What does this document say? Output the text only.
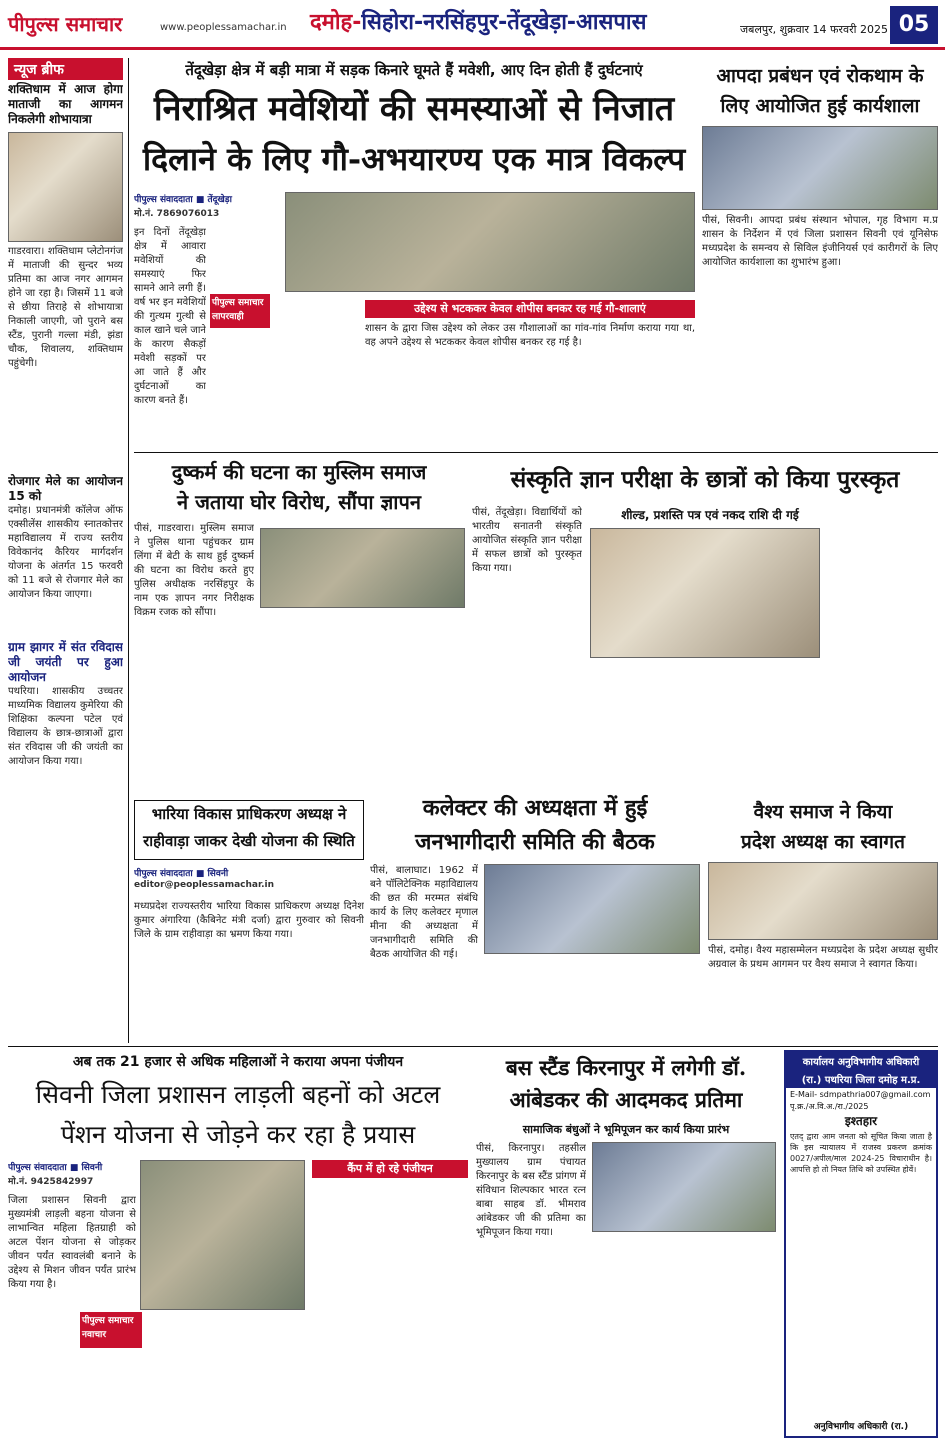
पीपुल्स समाचार	www.peoplessamachar.in दमोह-सिहोरा-नरसिंहपुर-तेंदूखेड़ा-आसपास	जबलपुर, शुक्रवार 14 फरवरी 2025 05
न्यूज ब्रीफ
शक्तिधाम में आज होगा माताजी का आगमन निकलेगी शोभायात्रा
गाडरवारा। शक्तिधाम प्लेटोनगंज में माताजी की सुन्दर भव्य प्रतिमा का आज नगर आगमन होने जा रहा है। जिसमें 11 बजे से छीया तिराहे से शोभायात्रा निकाली जाएगी, जो पुराने बस स्टैंड, पुरानी गल्ला मंडी, झंडा चौक, शिवालय, शक्तिधाम पहुंचेगी।
रोजगार मेले का आयोजन 15 को
दमोह। प्रधानमंत्री कॉलेज ऑफ एक्सीलेंस शासकीय स्नातकोत्तर महाविद्यालय में राज्य स्तरीय विवेकानंद कैरियर मार्गदर्शन योजना के अंतर्गत 15 फरवरी को 11 बजे से रोजगार मेले का आयोजन किया जाएगा।
ग्राम झागर में संत रविदास जी जयंती पर हुआ आयोजन
पथरिया। शासकीय उच्चतर माध्यमिक विद्यालय कुमेरिया की शिक्षिका कल्पना पटेल एवं विद्यालय के छात्र-छात्राओं द्वारा संत रविदास जी की जयंती का आयोजन किया गया।
तेंदूखेड़ा क्षेत्र में बड़ी मात्रा में सड़क किनारे घूमते हैं मवेशी, आए दिन होती हैं दुर्घटनाएं
निराश्रित मवेशियों की समस्याओं से निजात
दिलाने के लिए गौ-अभयारण्य एक मात्र विकल्प
पीपुल्स संवाददाता ■ तेंदूखेड़ा
मो.नं. 7869076013
पीपुल्स समाचार लापरवाही
इन दिनों तेंदूखेड़ा क्षेत्र में आवारा मवेशियों की समस्याएं फिर सामने आने लगी हैं। वर्ष भर इन मवेशियों की गुत्थम गुत्थी से काल खाने चले जाने के कारण सैकड़ों मवेशी सड़कों पर आ जाते हैं और दुर्घटनाओं का कारण बनते हैं।
उद्देश्य से भटककर केवल शोपीस बनकर रह गई गौ-शालाएं
शासन के द्वारा जिस उद्देश्य को लेकर उस गौशालाओं का गांव-गांव निर्माण कराया गया था, वह अपने उद्देश्य से भटककर केवल शोपीस बनकर रह गई है।
आपदा प्रबंधन एवं रोकथाम के
लिए आयोजित हुई कार्यशाला
पीसं, सिवनी। आपदा प्रबंध संस्थान भोपाल, गृह विभाग म.प्र शासन के निर्देशन में एवं जिला प्रशासन सिवनी एवं यूनिसेफ मध्यप्रदेश के समन्वय से सिविल इंजीनियर्स एवं कारीगरों के लिए आयोजित कार्यशाला का शुभारंभ हुआ।
दुष्कर्म की घटना का मुस्लिम समाज
ने जताया घोर विरोध, सौंपा ज्ञापन
पीसं, गाडरवारा। मुस्लिम समाज ने पुलिस थाना पहुंचकर ग्राम लिंगा में बेटी के साथ हुई दुष्कर्म की घटना का विरोध करते हुए पुलिस अधीक्षक नरसिंहपुर के नाम एक ज्ञापन नगर निरीक्षक विक्रम रजक को सौंपा।
संस्कृति ज्ञान परीक्षा के छात्रों को किया पुरस्कृत
पीसं, तेंदूखेड़ा। विद्यार्थियों को भारतीय सनातनी संस्कृति आयोजित संस्कृति ज्ञान परीक्षा में सफल छात्रों को पुरस्कृत किया गया।
शील्ड, प्रशस्ति पत्र एवं नकद राशि दी गई
भारिया विकास प्राधिकरण अध्यक्ष ने
राहीवाड़ा जाकर देखी योजना की स्थिति
पीपुल्स संवाददाता ■ सिवनी
editor@peoplessamachar.in
मध्यप्रदेश राज्यस्तरीय भारिया विकास प्राधिकरण अध्यक्ष दिनेश कुमार अंगारिया (कैबिनेट मंत्री दर्जा) द्वारा गुरुवार को सिवनी जिले के ग्राम राहीवाड़ा का भ्रमण किया गया।
कलेक्टर की अध्यक्षता में हुई
जनभागीदारी समिति की बैठक
पीसं, बालाघाट। 1962 में बने पॉलिटेक्निक महाविद्यालय की छत की मरम्मत संबंधि कार्य के लिए कलेक्टर मृणाल मीना की अध्यक्षता में जनभागीदारी समिति की बैठक आयोजित की गई।
वैश्य समाज ने किया
प्रदेश अध्यक्ष का स्वागत
पीसं, दमोह। वैश्य महासम्मेलन मध्यप्रदेश के प्रदेश अध्यक्ष सुधीर अग्रवाल के प्रथम आगमन पर वैश्य समाज ने स्वागत किया।
अब तक 21 हजार से अधिक महिलाओं ने कराया अपना पंजीयन
सिवनी जिला प्रशासन लाड़ली बहनों को अटल
पेंशन योजना से जोड़ने कर रहा है प्रयास
पीपुल्स संवाददाता ■ सिवनी
मो.नं. 9425842997
पीपुल्स समाचार नवाचार
जिला प्रशासन सिवनी द्वारा मुख्यमंत्री लाड़ली बहना योजना से लाभान्वित महिला हितग्राही को अटल पेंशन योजना से जोड़कर जीवन पर्यंत स्वावलंबी बनाने के उद्देश्य से मिशन जीवन पर्यंत प्रारंभ किया गया है।
कैंप में हो रहे पंजीयन
बस स्टैंड किरनापुर में लगेगी डॉ.
आंबेडकर की आदमकद प्रतिमा
सामाजिक बंधुओं ने भूमिपूजन कर कार्य किया प्रारंभ
पीसं, किरनापुर। तहसील मुख्यालय ग्राम पंचायत किरनापुर के बस स्टैंड प्रांगण में संविधान शिल्पकार भारत रत्न बाबा साहब डॉ. भीमराव आंबेडकर जी की प्रतिमा का भूमिपूजन किया गया।
कार्यालय अनुविभागीय अधिकारी
(रा.) पथरिया जिला दमोह म.प्र.
E-Mail- sdmpathria007@gmail.com
पृ.क्र./अ.वि.अ./रा./2025
इश्तहार
एतद् द्वारा आम जनता को सूचित किया जाता है कि इस न्यायालय में राजस्व प्रकरण क्रमांक 0027/अपील/माल 2024-25 विचाराधीन है। आपत्ति हो तो नियत तिथि को उपस्थित होवें।
अनुविभागीय अधिकारी (रा.)
